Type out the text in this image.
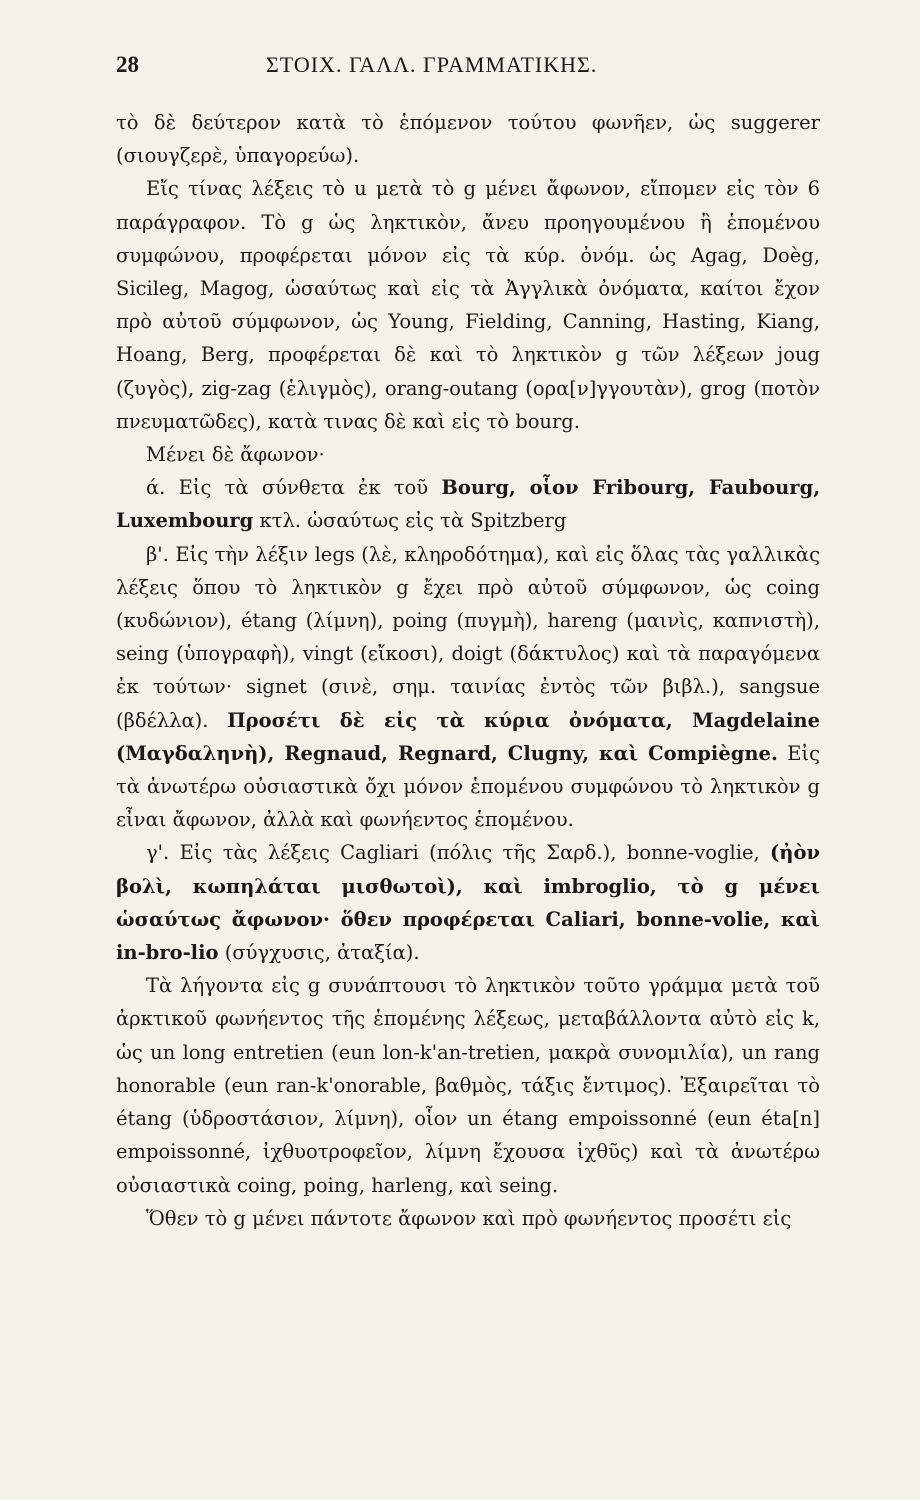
28	ΣΤΟΙΧ. ΓΑΛΛ. ΓΡΑΜΜΑΤΙΚΗΣ.

τὸ δὲ δεύτερον κατὰ τὸ ἑπόμενον τούτου φωνῆεν, ὡς suggerer (σιουγζερὲ, ὑπαγορεύω).

Εἴς τίνας λέξεις τὸ u μετὰ τὸ g μένει ἄφωνον, εἴπομεν εἰς τὸν 6 παράγραφον. Τὸ g ὡς ληκτικὸν, ἄνευ προηγουμένου ἢ ἑπομένου συμφώνου, προφέρεται μόνον εἰς τὰ κύρ. ὀνόμ. ὡς Agag, Doèg, Sicileg, Magog, ὡσαύτως καὶ εἰς τὰ Ἀγγλικὰ ὀνόματα, καίτοι ἔχον πρὸ αὐτοῦ σύμφωνον, ὡς Young, Fielding, Canning, Hasting, Kiang, Hoang, Berg, προφέρεται δὲ καὶ τὸ ληκτικὸν g τῶν λέξεων joug (ζυγὸς), zig-zag (ἑλιγμὸς), orang-outang (ορα[ν]γγουτὰν), grog (ποτὸν πνευματῶδες), κατὰ τινας δὲ καὶ εἰς τὸ bourg.

Μένει δὲ ἄφωνον·

ά. Εἰς τὰ σύνθετα ἐκ τοῦ Bourg, οἷον Fribourg, Faubourg, Luxembourg κτλ. ὡσαύτως εἰς τὰ Spitzberg

β'. Εἰς τὴν λέξιν legs (λὲ, κληροδότημα), καὶ εἰς ὅλας τὰς γαλλικὰς λέξεις ὅπου τὸ ληκτικὸν g ἔχει πρὸ αὐτοῦ σύμφωνον, ὡς coing (κυδώνιον), étang (λίμνη), poing (πυγμὴ), hareng (μαινὶς, καπνιστὴ), seing (ὑπογραφὴ), vingt (εἴκοσι), doigt (δάκτυλος) καὶ τὰ παραγόμενα ἐκ τούτων· signet (σινὲ, σημ. ταινίας ἐντὸς τῶν βιβλ.), sangsue (βδέλλα). Προσέτι δὲ εἰς τὰ κύρια ὀνόματα, Magdelaine (Μαγδαληνὴ), Regnaud, Regnard, Clugny, καὶ Compiègne. Εἰς τὰ ἀνωτέρω οὐσιαστικὰ ὄχι μόνον ἑπομένου συμφώνου τὸ ληκτικὸν g εἶναι ἄφωνον, ἀλλὰ καὶ φωνήεντος ἑπομένου.

γ'. Εἰς τὰς λέξεις Cagliari (πόλις τῆς Σαρδ.), bonne-voglie, (ἠὸν βολὶ, κωπηλάται μισθωτοὶ), καὶ imbroglio, τὸ g μένει ὡσαύτως ἄφωνον· ὅθεν προφέρεται Caliari, bonne-volie, καὶ in-bro-lio (σύγχυσις, ἀταξία).

Τὰ λήγοντα εἰς g συνάπτουσι τὸ ληκτικὸν τοῦτο γράμμα μετὰ τοῦ ἀρκτικοῦ φωνήεντος τῆς ἑπομένης λέξεως, μεταβάλλοντα αὐτὸ εἰς k, ὡς un long entretien (eun lon-k'an-tretien, μακρὰ συνομιλία), un rang honorable (eun ran-k'onorable, βαθμὸς, τάξις ἔντιμος). Ἐξαιρεῖται τὸ étang (ὑδροστάσιον, λίμνη), οἷον un étang empoissonné (eun éta[n] empoissonné, ἰχθυοτροφεῖον, λίμνη ἔχουσα ἰχθῦς) καὶ τὰ ἀνωτέρω οὐσιαστικὰ coing, poing, harleng, καὶ seing.

Ὅθεν τὸ g μένει πάντοτε ἄφωνον καὶ πρὸ φωνήεντος προσέτι εἰς
